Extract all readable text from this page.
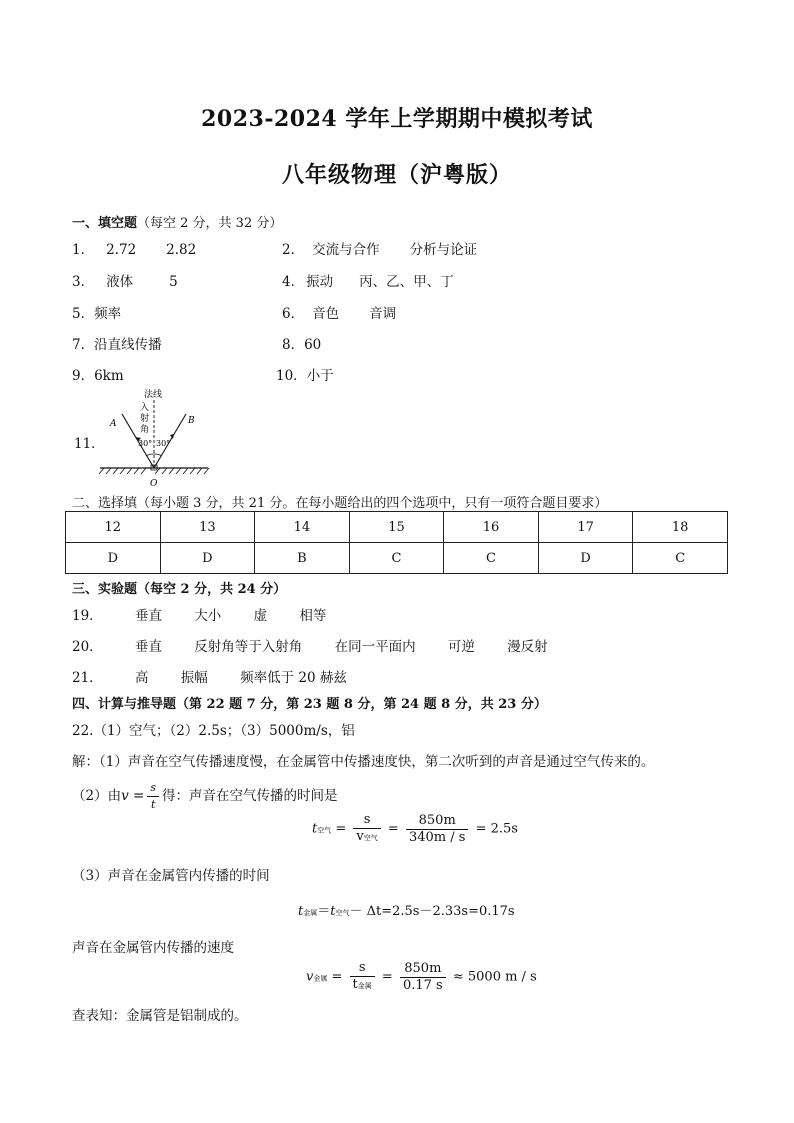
2023-2024 学年上学期期中模拟考试
八年级物理（沪粤版）
一、填空题（每空 2 分，共 32 分）
1． 2.72 2.82	2． 交流与合作 分析与论证
3． 液体	5	4． 振动 丙、乙、甲、丁
5．频率	6． 音色 音调
7．沿直线传播	8．60
9．6km	10．小于
11．
法线
入
射
角
30° 30°
A	B
O
二、选择填（每小题 3 分，共 21 分。在每小题给出的四个选项中，只有一项符合题目要求）
12	13	14	15	16	17	18
D	D	B	C	C	D	C
三、实验题（每空 2 分，共 24 分）
19． 垂直 大小 虚 相等
20． 垂直 反射角等于入射角 在同一平面内 可逆 漫反射
21． 高 振幅 频率低于 20 赫兹
四、计算与推导题（第 22 题 7 分，第 23 题 8 分，第 24 题 8 分，共 23 分）
22.（1）空气；（2）2.5s；（3）5000m/s，铝
解：（1）声音在空气传播速度慢，在金属管中传播速度快，第二次听到的声音是通过空气传来的。
（2）由$v = \frac{s}{t}$ 得：声音在空气传播的时间是
t空气 = $\frac{s}{\text{v空气}} = \frac{850m}{340m / s} = 2.5s$
（3）声音在金属管内传播的时间
t金属＝t空气－ Δt=2.5s－2.33s=0.17s
声音在金属管内传播的速度
v金属 = $\frac{s}{\text{t金属}} = \frac{850m}{0.17 s} \approx 5000$ m / s
查表知：金属管是铝制成的。
